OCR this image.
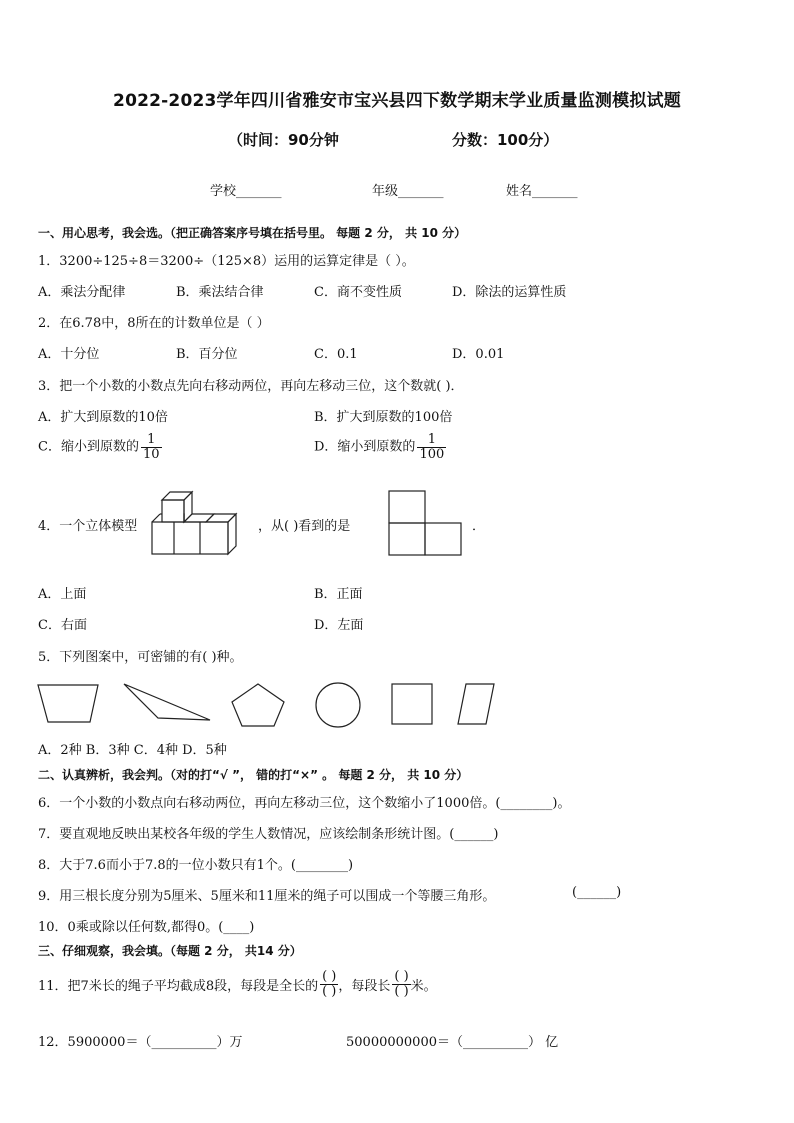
2022-2023学年四川省雅安市宝兴县四下数学期末学业质量监测模拟试题
（时间：90分钟	分数：100分）
学校_______	年级_______	姓名_______
一、用心思考，我会选。（把正确答案序号填在括号里。 每题 2 分， 共 10 分）
1．3200÷125÷8＝3200÷（125×8）运用的运算定律是（ ）。
A．乘法分配律	B．乘法结合律	C．商不变性质	D．除法的运算性质
2．在6.78中，8所在的计数单位是（ ）
A．十分位	B．百分位	C．0.1	D．0.01
3．把一个小数的小数点先向右移动两位，再向左移动三位，这个数就( )．
A．扩大到原数的10倍	B．扩大到原数的100倍
C．缩小到原数的 $\frac{1}{10}$	D．缩小到原数的 $\frac{1}{100}$
4．一个立体模型	，从( )看到的是	．
A．上面	B．正面
C．右面	D．左面
5．下列图案中，可密铺的有( )种。
A．2种 B．3种 C．4种 D．5种
二、认真辨析，我会判。（对的打“√ ”， 错的打“×” 。 每题 2 分， 共 10 分）
6．一个小数的小数点向右移动两位，再向左移动三位，这个数缩小了1000倍。(________)。
7．要直观地反映出某校各年级的学生人数情况，应该绘制条形统计图。(______)
8．大于7.6而小于7.8的一位小数只有1个。(________)
9．用三根长度分别为5厘米、5厘米和11厘米的绳子可以围成一个等腰三角形。	(______)
10．0乘或除以任何数,都得0。(____)
三、仔细观察，我会填。（每题 2 分， 共14 分）
11．把7米长的绳子平均截成8段，每段是全长的 $\frac{( )}{( )}$ ，每段长 $\frac{( )}{( )}$ 米。
12．5900000＝（__________）万	50000000000＝（__________） 亿
